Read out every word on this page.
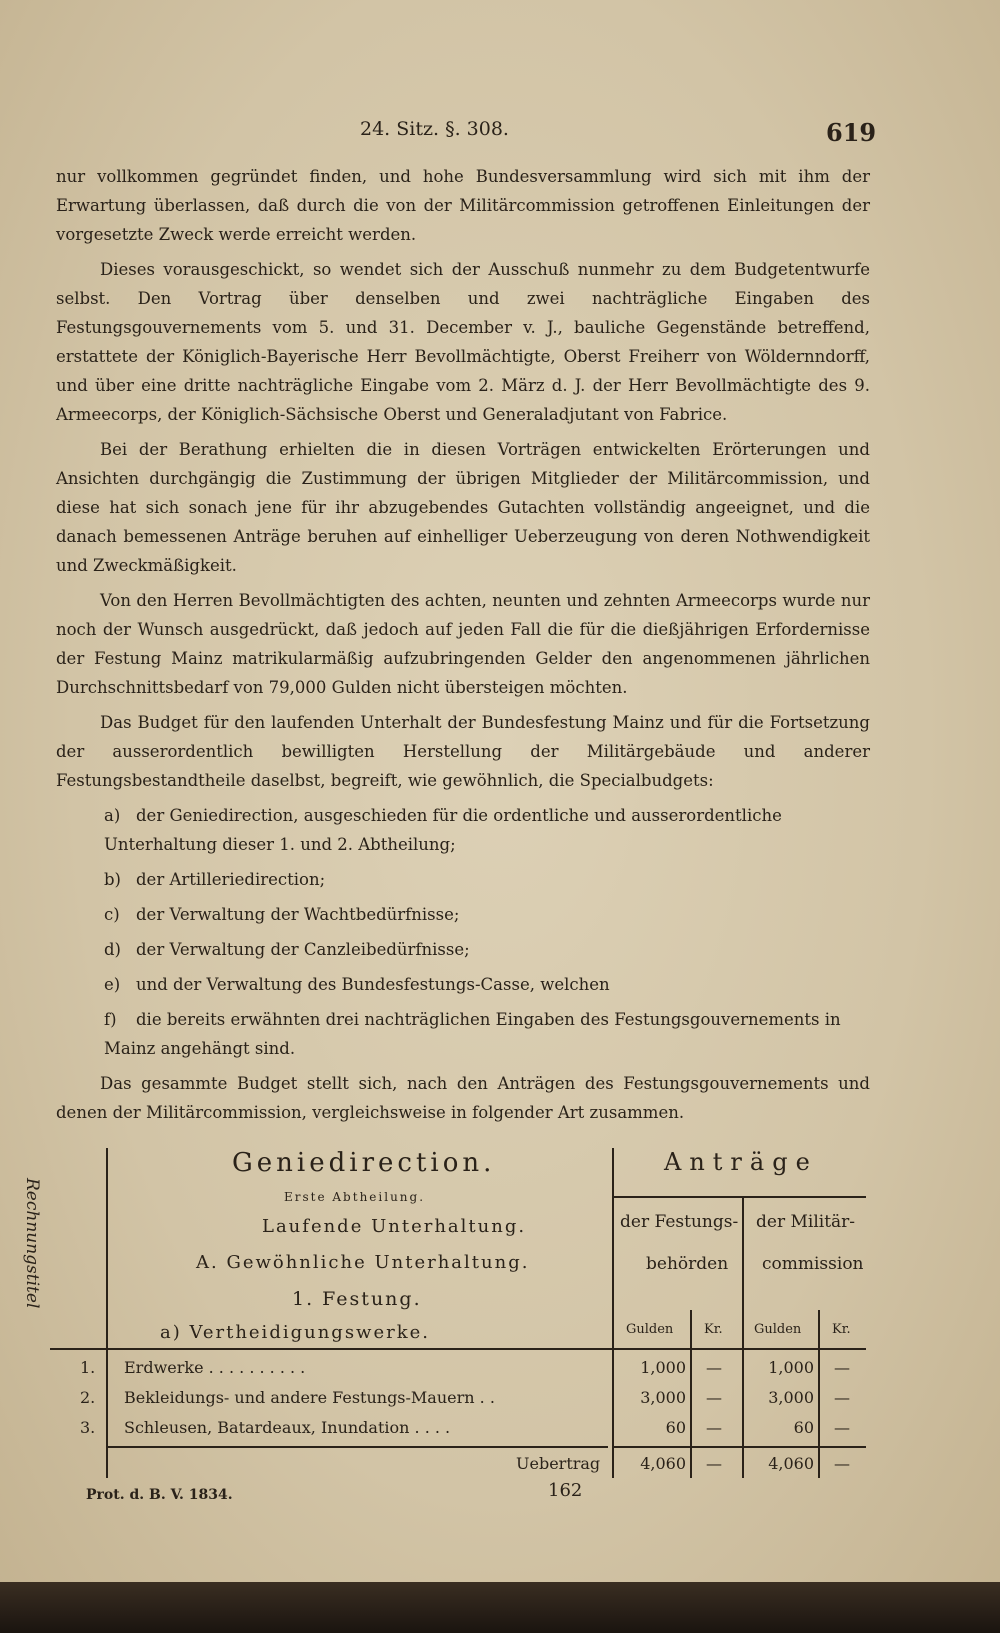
24. Sitz. §. 308.	619

nur vollkommen gegründet finden, und hohe Bundesversammlung wird sich mit ihm der Erwartung überlassen, daß durch die von der Militärcommission getroffenen Einleitungen der vorgesetzte Zweck werde erreicht werden.

Dieses vorausgeschickt, so wendet sich der Ausschuß nunmehr zu dem Budgetentwurfe selbst. Den Vortrag über denselben und zwei nachträgliche Eingaben des Festungsgouvernements vom 5. und 31. December v. J., bauliche Gegenstände betreffend, erstattete der Königlich-Bayerische Herr Bevollmächtigte, Oberst Freiherr von Wöldernndorff, und über eine dritte nachträgliche Eingabe vom 2. März d. J. der Herr Bevollmächtigte des 9. Armeecorps, der Königlich-Sächsische Oberst und Generaladjutant von Fabrice.

Bei der Berathung erhielten die in diesen Vorträgen entwickelten Erörterungen und Ansichten durchgängig die Zustimmung der übrigen Mitglieder der Militärcommission, und diese hat sich sonach jene für ihr abzugebendes Gutachten vollständig angeeignet, und die danach bemessenen Anträge beruhen auf einhelliger Ueberzeugung von deren Nothwendigkeit und Zweckmäßigkeit.

Von den Herren Bevollmächtigten des achten, neunten und zehnten Armeecorps wurde nur noch der Wunsch ausgedrückt, daß jedoch auf jeden Fall die für die dießjährigen Erfordernisse der Festung Mainz matrikularmäßig aufzubringenden Gelder den angenommenen jährlichen Durchschnittsbedarf von 79,000 Gulden nicht übersteigen möchten.

Das Budget für den laufenden Unterhalt der Bundesfestung Mainz und für die Fortsetzung der ausserordentlich bewilligten Herstellung der Militärgebäude und anderer Festungsbestandtheile daselbst, begreift, wie gewöhnlich, die Specialbudgets:

a) der Geniedirection, ausgeschieden für die ordentliche und ausserordentliche Unterhaltung dieser 1. und 2. Abtheilung;
b) der Artilleriedirection;
c) der Verwaltung der Wachtbedürfnisse;
d) der Verwaltung der Canzleibedürfnisse;
e) und der Verwaltung des Bundesfestungs-Casse, welchen
f) die bereits erwähnten drei nachträglichen Eingaben des Festungsgouvernements in Mainz angehängt sind.

Das gesammte Budget stellt sich, nach den Anträgen des Festungsgouvernements und denen der Militärcommission, vergleichsweise in folgender Art zusammen.

Rechnungstitel
Geniedirection.
Erste Abtheilung.
Laufende Unterhaltung.
A. Gewöhnliche Unterhaltung.
1. Festung.
a) Vertheidigungswerke.
Anträge
der Festungs-
behörden
der Militär-
commission
Gulden Kr. Gulden Kr.
1. Erdwerke . . . . . . . . . .	1,000 —	1,000 —
2. Bekleidungs- und andere Festungs-Mauern . .	3,000 —	3,000 —
3. Schleusen, Batardeaux, Inundation . . . .	60 —	60 —
Uebertrag	4,060 —	4,060 —
Prot. d. B. V. 1834.	162
